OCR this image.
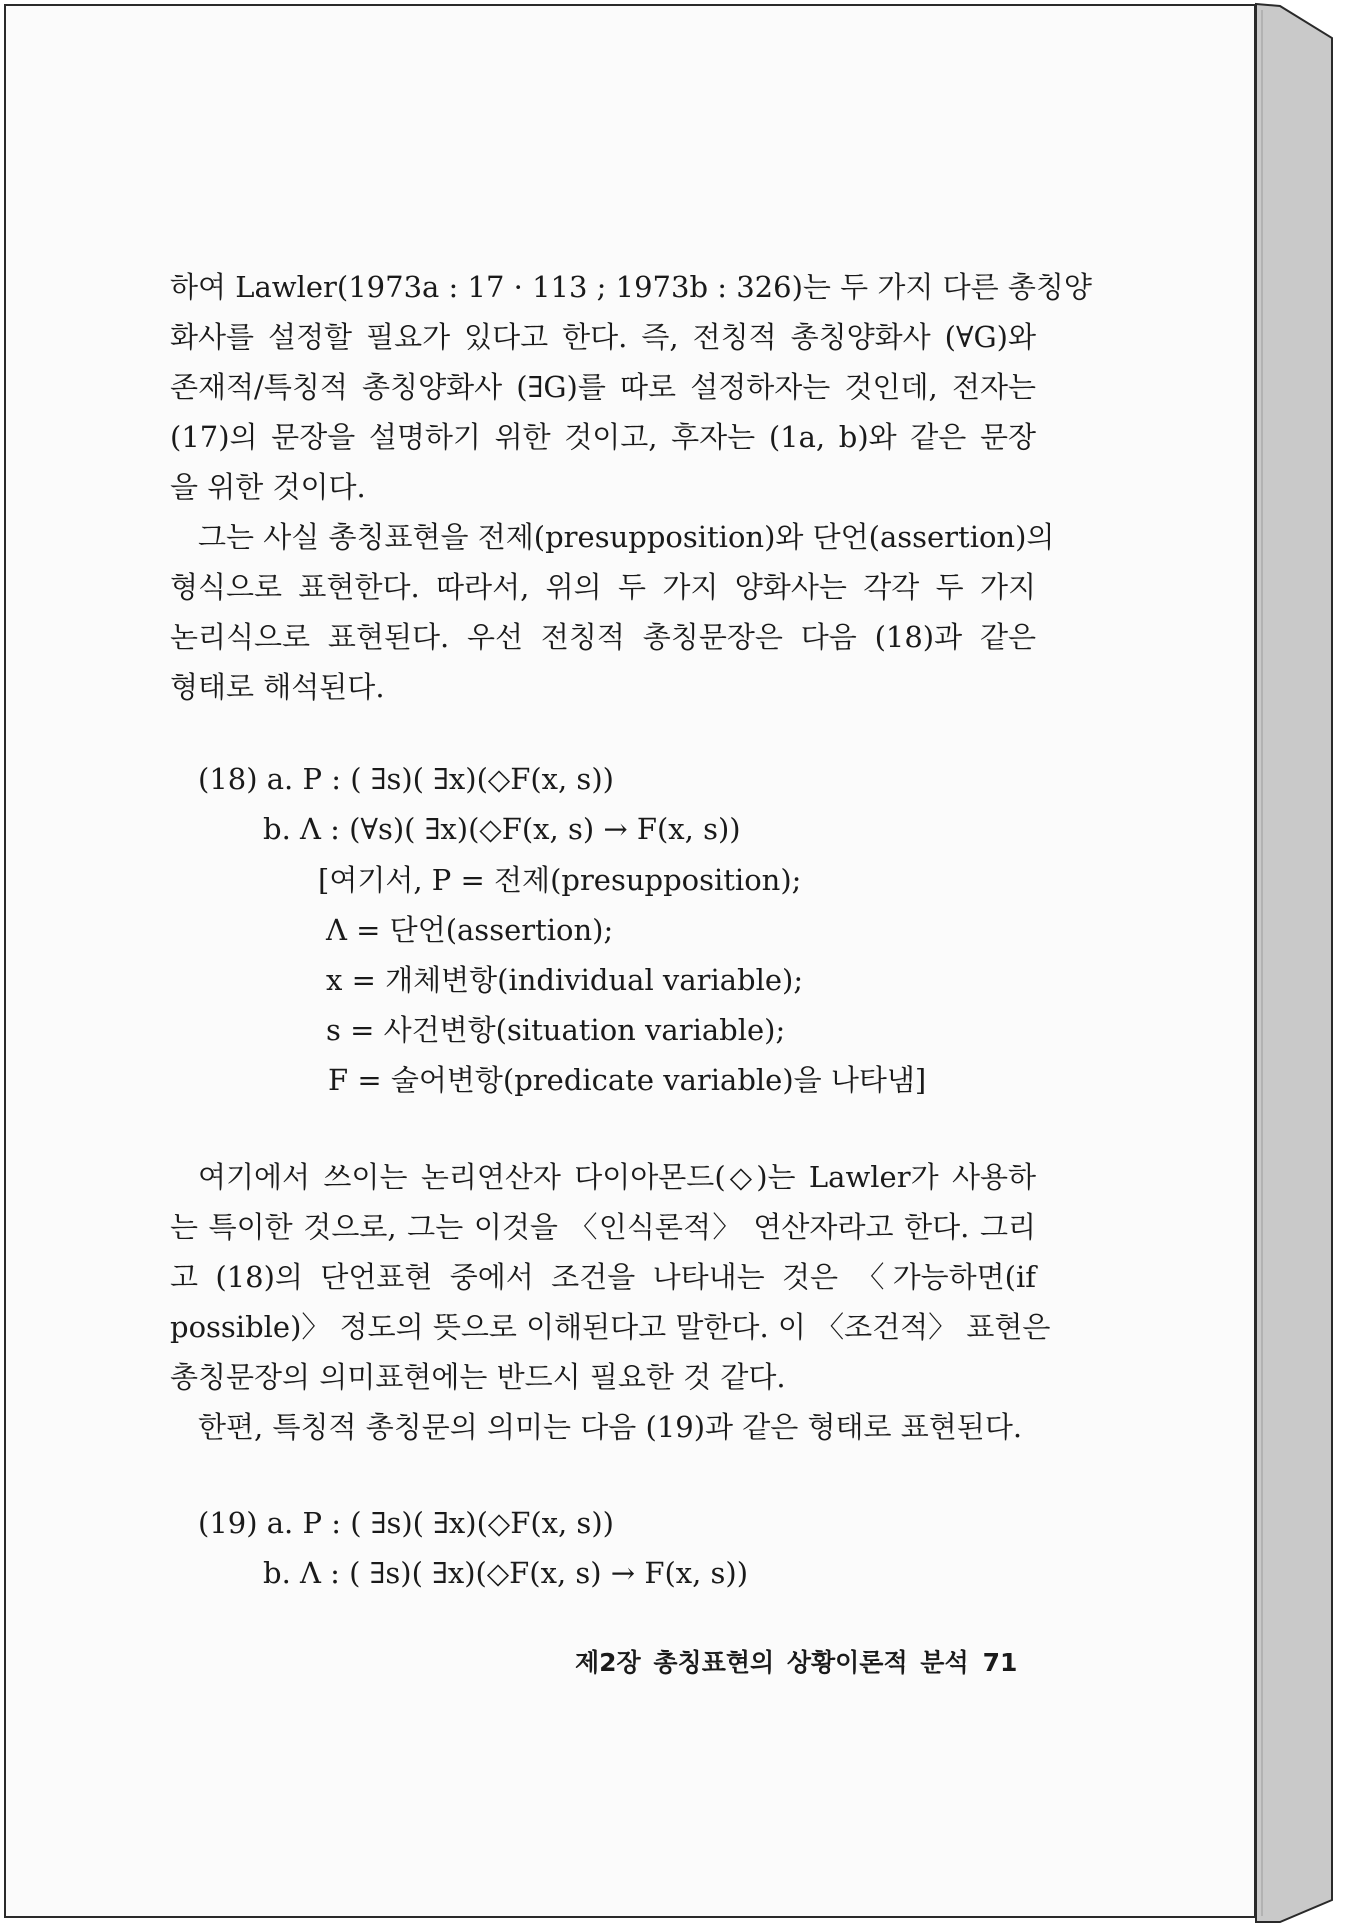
하여 Lawler(1973a : 17 · 113 ; 1973b : 326)는 두 가지 다른 총칭양
화사를 설정할 필요가 있다고 한다. 즉, 전칭적 총칭양화사 (∀G)와
존재적/특칭적 총칭양화사 (∃G)를 따로 설정하자는 것인데, 전자는
(17)의 문장을 설명하기 위한 것이고, 후자는 (1a, b)와 같은 문장
을 위한 것이다.
그는 사실 총칭표현을 전제(presupposition)와 단언(assertion)의
형식으로 표현한다. 따라서, 위의 두 가지 양화사는 각각 두 가지
논리식으로 표현된다. 우선 전칭적 총칭문장은 다음 (18)과 같은
형태로 해석된다.
(18) a. P : ( ∃s)( ∃x)(◇F(x, s))
b. Λ : (∀s)( ∃x)(◇F(x, s) → F(x, s))
[여기서, P = 전제(presupposition);
Λ = 단언(assertion);
x = 개체변항(individual variable);
s = 사건변항(situation variable);
F = 술어변항(predicate variable)을 나타냄]
여기에서 쓰이는 논리연산자 다이아몬드(◇)는 Lawler가 사용하
는 특이한 것으로, 그는 이것을 〈인식론적〉 연산자라고 한다. 그리
고 (18)의 단언표현 중에서 조건을 나타내는 것은 〈가능하면(if
possible)〉 정도의 뜻으로 이해된다고 말한다. 이 〈조건적〉 표현은
총칭문장의 의미표현에는 반드시 필요한 것 같다.
한편, 특칭적 총칭문의 의미는 다음 (19)과 같은 형태로 표현된다.
(19) a. P : ( ∃s)( ∃x)(◇F(x, s))
b. Λ : ( ∃s)( ∃x)(◇F(x, s) → F(x, s))
제2장 총칭표현의 상황이론적 분석 71
